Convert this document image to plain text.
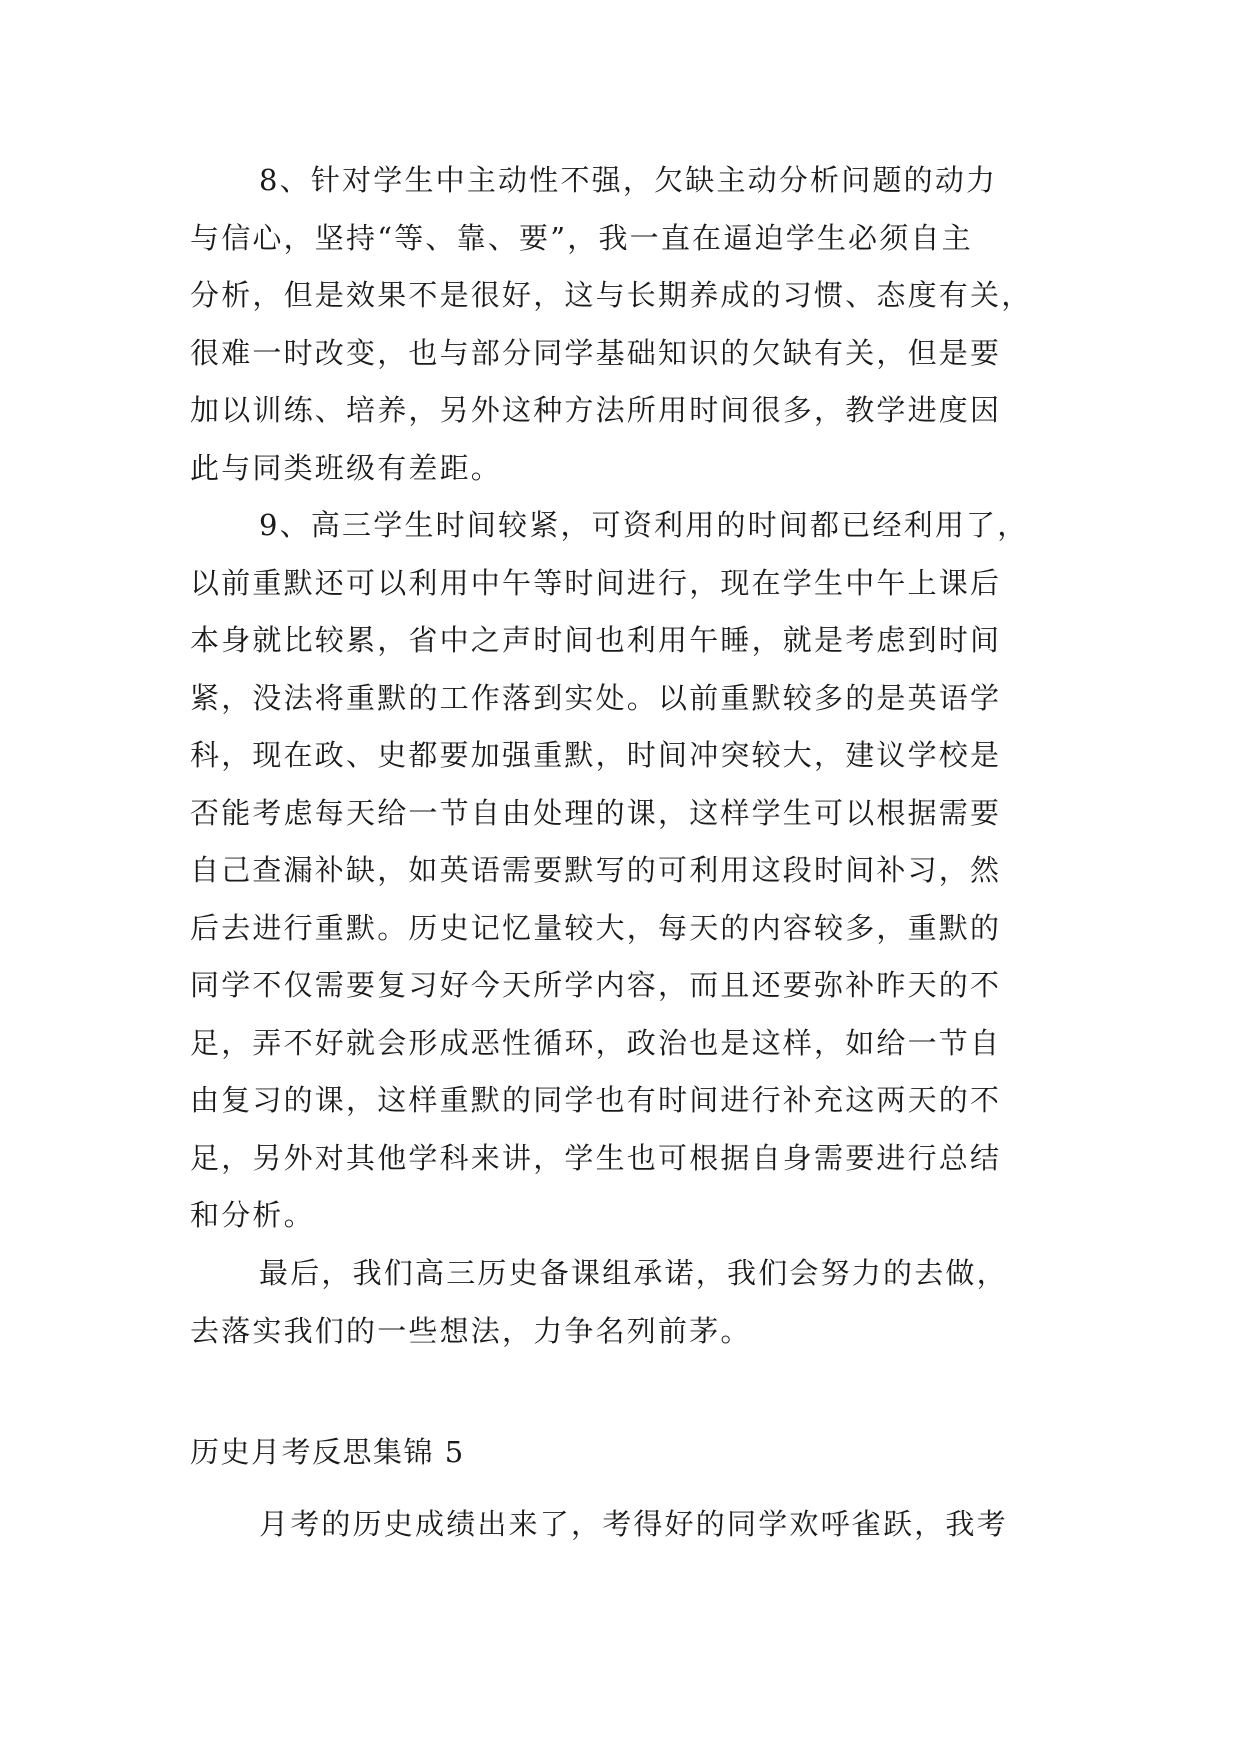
8、针对学生中主动性不强，欠缺主动分析问题的动力
与信心，坚持“等、靠、要”，我一直在逼迫学生必须自主
分析，但是效果不是很好，这与长期养成的习惯、态度有关，
很难一时改变，也与部分同学基础知识的欠缺有关，但是要
加以训练、培养，另外这种方法所用时间很多，教学进度因
此与同类班级有差距。
9、高三学生时间较紧，可资利用的时间都已经利用了，
以前重默还可以利用中午等时间进行，现在学生中午上课后
本身就比较累，省中之声时间也利用午睡，就是考虑到时间
紧，没法将重默的工作落到实处。以前重默较多的是英语学
科，现在政、史都要加强重默，时间冲突较大，建议学校是
否能考虑每天给一节自由处理的课，这样学生可以根据需要
自己查漏补缺，如英语需要默写的可利用这段时间补习，然
后去进行重默。历史记忆量较大，每天的内容较多，重默的
同学不仅需要复习好今天所学内容，而且还要弥补昨天的不
足，弄不好就会形成恶性循环，政治也是这样，如给一节自
由复习的课，这样重默的同学也有时间进行补充这两天的不
足，另外对其他学科来讲，学生也可根据自身需要进行总结
和分析。
最后，我们高三历史备课组承诺，我们会努力的去做，
去落实我们的一些想法，力争名列前茅。
历史月考反思集锦 5
月考的历史成绩出来了，考得好的同学欢呼雀跃，我考
